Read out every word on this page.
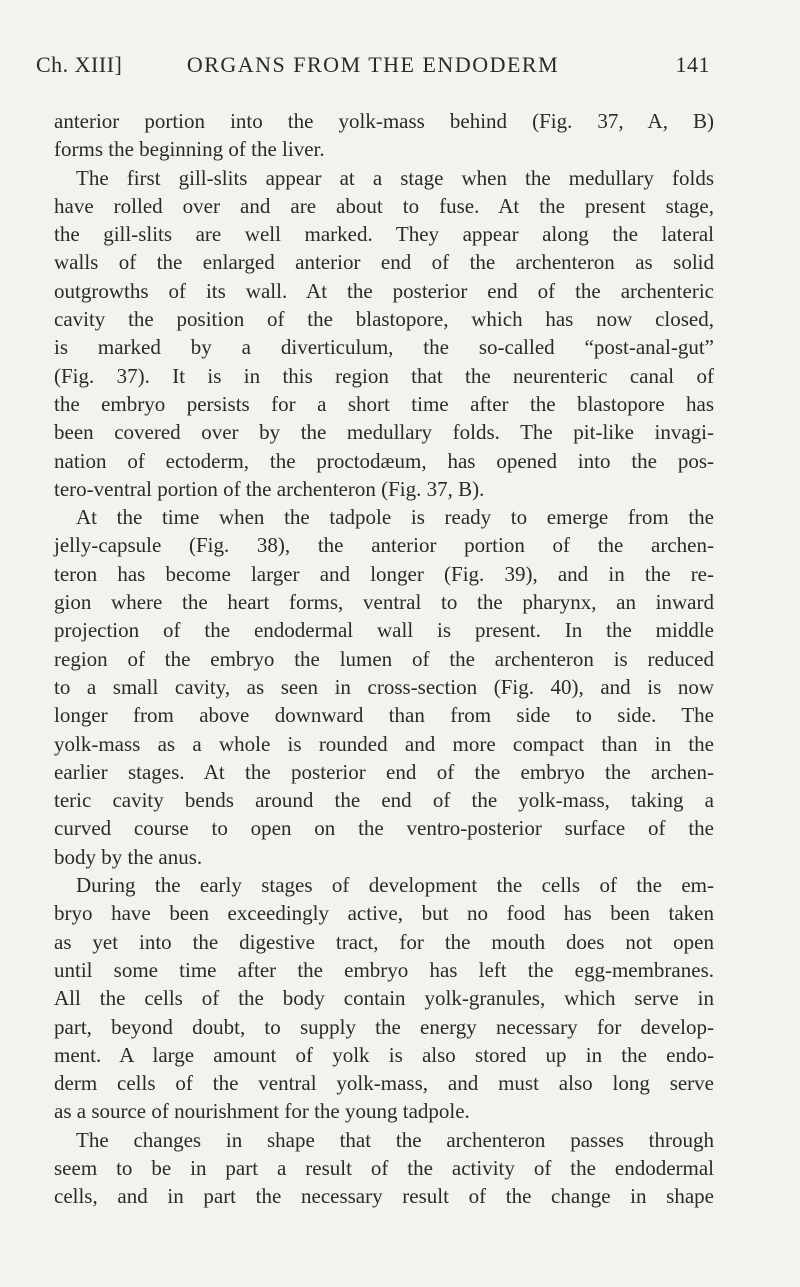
Ch. XIII]	ORGANS FROM THE ENDODERM	141
anterior portion into the yolk-mass behind (Fig. 37, A, B)
forms the beginning of the liver.
The first gill-slits appear at a stage when the medullary folds
have rolled over and are about to fuse. At the present stage,
the gill-slits are well marked. They appear along the lateral
walls of the enlarged anterior end of the archenteron as solid
outgrowths of its wall. At the posterior end of the archenteric
cavity the position of the blastopore, which has now closed,
is marked by a diverticulum, the so-called “post-anal-gut”
(Fig. 37). It is in this region that the neurenteric canal of
the embryo persists for a short time after the blastopore has
been covered over by the medullary folds. The pit-like invagi-
nation of ectoderm, the proctodæum, has opened into the pos-
tero-ventral portion of the archenteron (Fig. 37, B).
At the time when the tadpole is ready to emerge from the
jelly-capsule (Fig. 38), the anterior portion of the archen-
teron has become larger and longer (Fig. 39), and in the re-
gion where the heart forms, ventral to the pharynx, an inward
projection of the endodermal wall is present. In the middle
region of the embryo the lumen of the archenteron is reduced
to a small cavity, as seen in cross-section (Fig. 40), and is now
longer from above downward than from side to side. The
yolk-mass as a whole is rounded and more compact than in the
earlier stages. At the posterior end of the embryo the archen-
teric cavity bends around the end of the yolk-mass, taking a
curved course to open on the ventro-posterior surface of the
body by the anus.
During the early stages of development the cells of the em-
bryo have been exceedingly active, but no food has been taken
as yet into the digestive tract, for the mouth does not open
until some time after the embryo has left the egg-membranes.
All the cells of the body contain yolk-granules, which serve in
part, beyond doubt, to supply the energy necessary for develop-
ment. A large amount of yolk is also stored up in the endo-
derm cells of the ventral yolk-mass, and must also long serve
as a source of nourishment for the young tadpole.
The changes in shape that the archenteron passes through
seem to be in part a result of the activity of the endodermal
cells, and in part the necessary result of the change in shape
